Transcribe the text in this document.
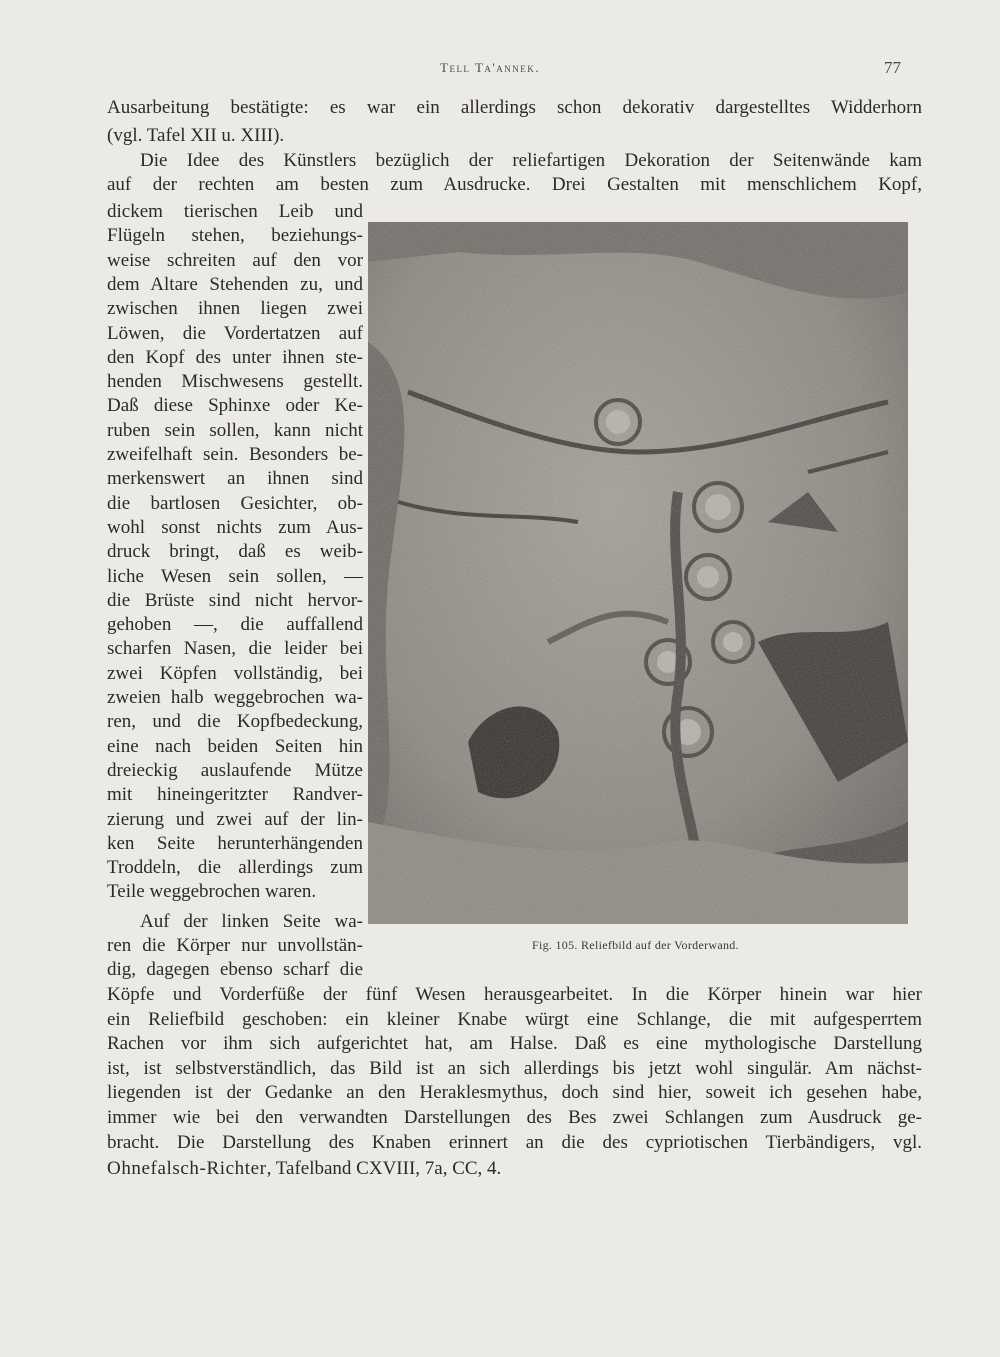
Tell Ta'annek.	77
Ausarbeitung bestätigte: es war ein allerdings schon dekorativ dargestelltes Widderhorn
(vgl. Tafel XII u. XIII).
Die Idee des Künstlers bezüglich der reliefartigen Dekoration der Seitenwände kam
auf der rechten am besten zum Ausdrucke. Drei Gestalten mit menschlichem Kopf,
dickem tierischen Leib und
Flügeln stehen, beziehungs-
weise schreiten auf den vor
dem Altare Stehenden zu, und
zwischen ihnen liegen zwei
Löwen, die Vordertatzen auf
den Kopf des unter ihnen ste-
henden Mischwesens gestellt.
Daß diese Sphinxe oder Ke-
ruben sein sollen, kann nicht
zweifelhaft sein. Besonders be-
merkenswert an ihnen sind
die bartlosen Gesichter, ob-
wohl sonst nichts zum Aus-
druck bringt, daß es weib-
liche Wesen sein sollen, —
die Brüste sind nicht hervor-
gehoben —, die auffallend
scharfen Nasen, die leider bei
zwei Köpfen vollständig, bei
zweien halb weggebrochen wa-
ren, und die Kopfbedeckung,
eine nach beiden Seiten hin
dreieckig auslaufende Mütze
mit hineingeritzter Randver-
zierung und zwei auf der lin-
ken Seite herunterhängenden
Troddeln, die allerdings zum
Teile weggebrochen waren.
Fig. 105. Reliefbild auf der Vorderwand.
Auf der linken Seite wa-
ren die Körper nur unvollstän-
dig, dagegen ebenso scharf die
Köpfe und Vorderfüße der fünf Wesen herausgearbeitet. In die Körper hinein war hier
ein Reliefbild geschoben: ein kleiner Knabe würgt eine Schlange, die mit aufgesperrtem
Rachen vor ihm sich aufgerichtet hat, am Halse. Daß es eine mythologische Darstellung
ist, ist selbstverständlich, das Bild ist an sich allerdings bis jetzt wohl singulär. Am nächst-
liegenden ist der Gedanke an den Heraklesmythus, doch sind hier, soweit ich gesehen habe,
immer wie bei den verwandten Darstellungen des Bes zwei Schlangen zum Ausdruck ge-
bracht. Die Darstellung des Knaben erinnert an die des cypriotischen Tierbändigers, vgl.
Ohnefalsch-Richter, Tafelband CXVIII, 7a, CC, 4.
